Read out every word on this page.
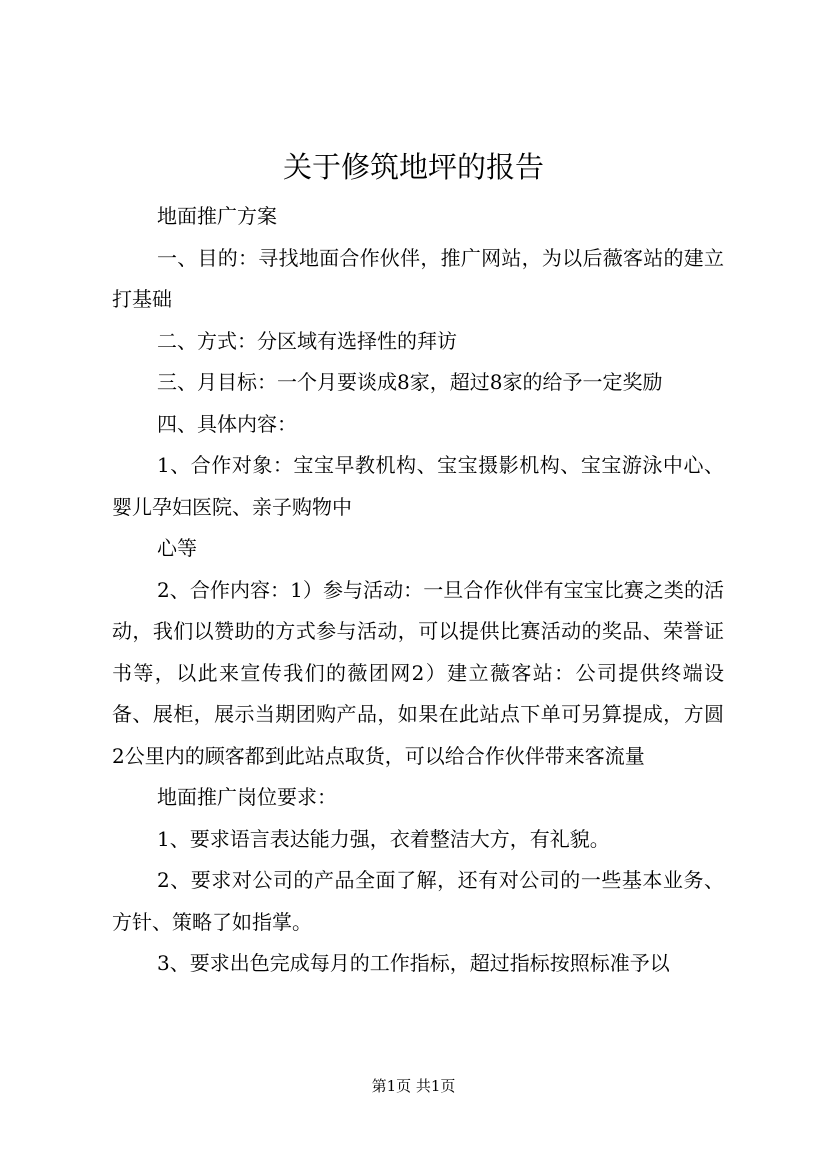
关于修筑地坪的报告

地面推广方案

一、目的：寻找地面合作伙伴，推广网站，为以后薇客站的建立打基础

二、方式：分区域有选择性的拜访

三、月目标：一个月要谈成8家，超过8家的给予一定奖励

四、具体内容：

1、合作对象：宝宝早教机构、宝宝摄影机构、宝宝游泳中心、婴儿孕妇医院、亲子购物中

心等

2、合作内容：1）参与活动：一旦合作伙伴有宝宝比赛之类的活动，我们以赞助的方式参与活动，可以提供比赛活动的奖品、荣誉证书等，以此来宣传我们的薇团网2）建立薇客站：公司提供终端设备、展柜，展示当期团购产品，如果在此站点下单可另算提成，方圆2公里内的顾客都到此站点取货，可以给合作伙伴带来客流量

地面推广岗位要求：

1、要求语言表达能力强，衣着整洁大方，有礼貌。

2、要求对公司的产品全面了解，还有对公司的一些基本业务、方针、策略了如指掌。

3、要求出色完成每月的工作指标，超过指标按照标准予以

第1页 共1页
